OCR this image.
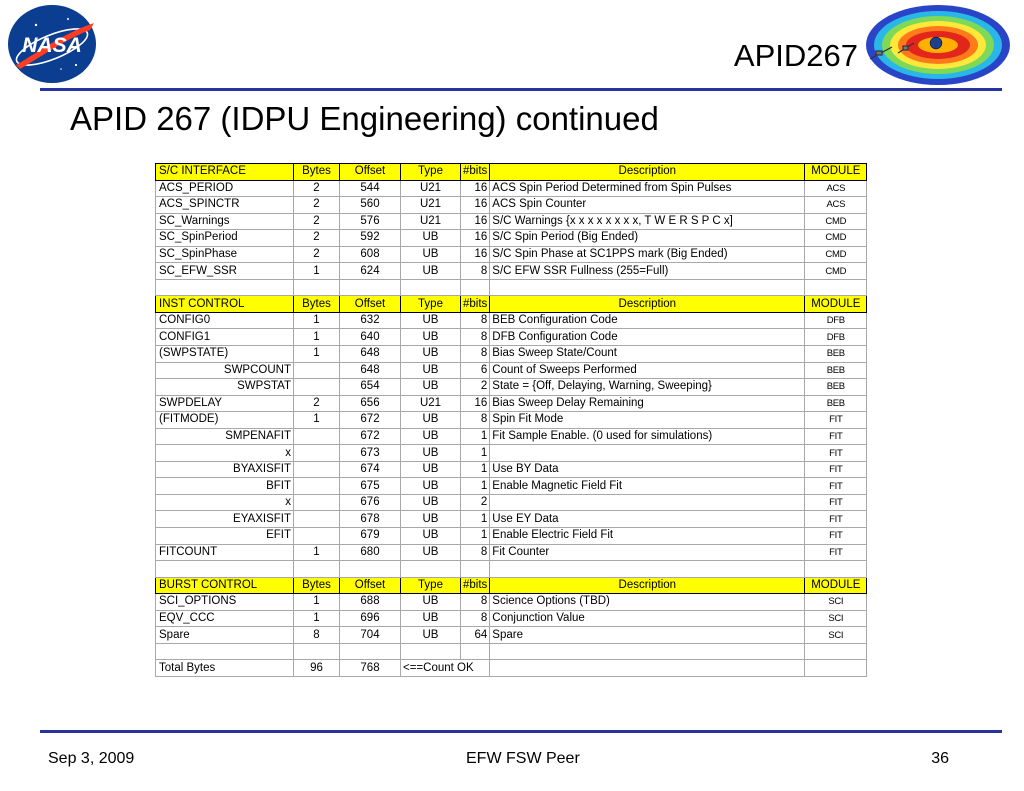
NASA	APID267
APID 267 (IDPU Engineering) continued
S/C INTERFACE	Bytes	Offset	Type	#bits	Description	MODULE
ACS_PERIOD	2	544	U21	16	ACS Spin Period Determined from Spin Pulses	ACS
ACS_SPINCTR	2	560	U21	16	ACS Spin Counter	ACS
SC_Warnings	2	576	U21	16	S/C Warnings {x x x x x x x x, T W E R S P C x]	CMD
SC_SpinPeriod	2	592	UB	16	S/C Spin Period (Big Ended)	CMD
SC_SpinPhase	2	608	UB	16	S/C Spin Phase at SC1PPS mark (Big Ended)	CMD
SC_EFW_SSR	1	624	UB	8	S/C EFW SSR Fullness (255=Full)	CMD

INST CONTROL	Bytes	Offset	Type	#bits	Description	MODULE
CONFIG0	1	632	UB	8	BEB Configuration Code	DFB
CONFIG1	1	640	UB	8	DFB Configuration Code	DFB
(SWPSTATE)	1	648	UB	8	Bias Sweep State/Count	BEB
SWPCOUNT		648	UB	6	Count of Sweeps Performed	BEB
SWPSTAT		654	UB	2	State = {Off, Delaying, Warning, Sweeping}	BEB
SWPDELAY	2	656	U21	16	Bias Sweep Delay Remaining	BEB
(FITMODE)	1	672	UB	8	Spin Fit Mode	FIT
SMPENAFIT		672	UB	1	Fit Sample Enable. (0 used for simulations)	FIT
x		673	UB	1		FIT
BYAXISFIT		674	UB	1	Use BY Data	FIT
BFIT		675	UB	1	Enable Magnetic Field Fit	FIT
x		676	UB	2		FIT
EYAXISFIT		678	UB	1	Use EY Data	FIT
EFIT		679	UB	1	Enable Electric Field Fit	FIT
FITCOUNT	1	680	UB	8	Fit Counter	FIT

BURST CONTROL	Bytes	Offset	Type	#bits	Description	MODULE
SCI_OPTIONS	1	688	UB	8	Science Options (TBD)	SCI
EQV_CCC	1	696	UB	8	Conjunction Value	SCI
Spare	8	704	UB	64	Spare	SCI

Total Bytes	96	768	<==Count OK			
Sep 3, 2009	EFW FSW Peer	36
